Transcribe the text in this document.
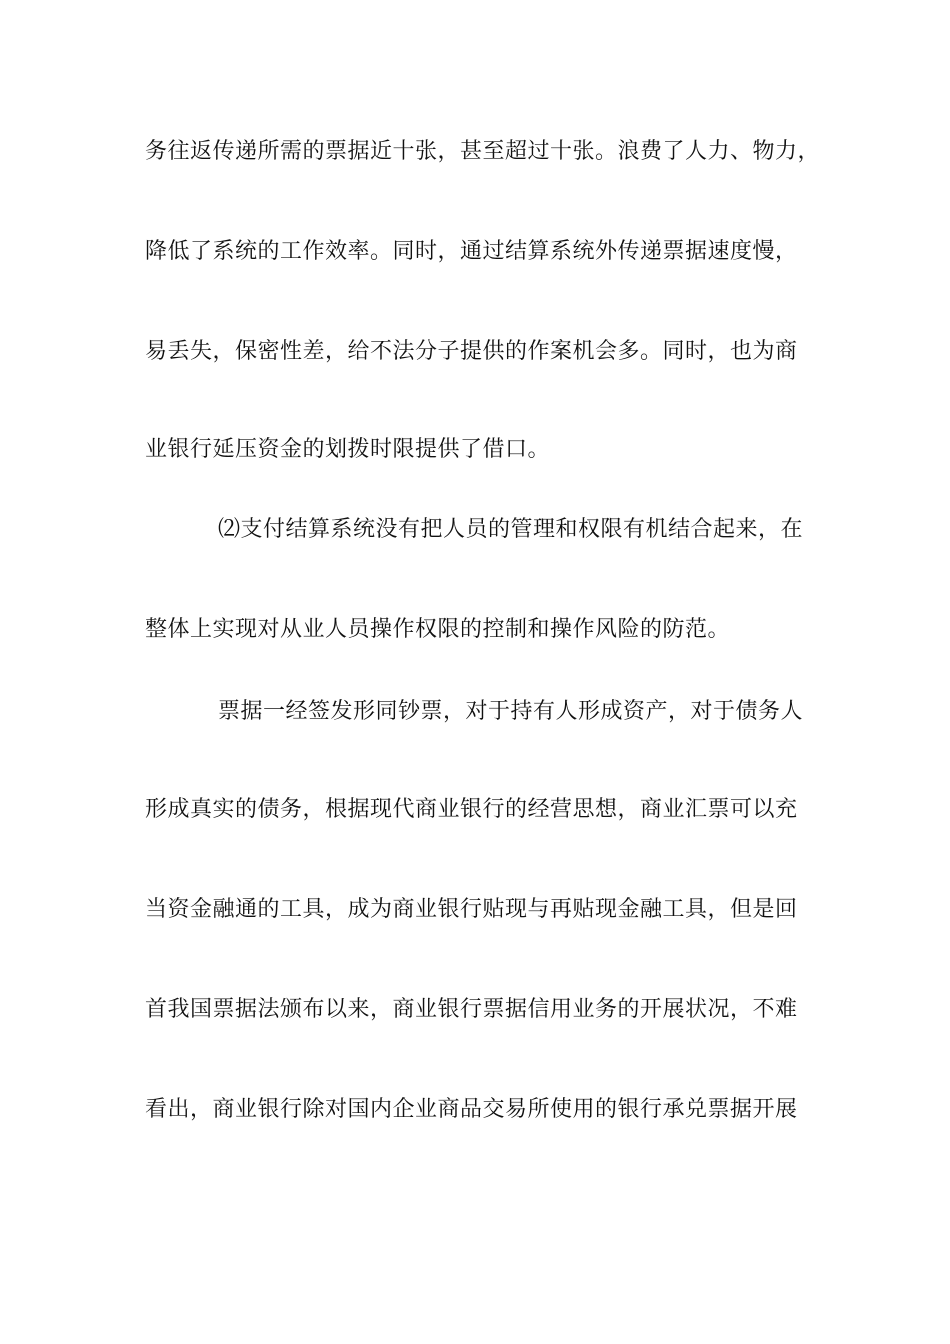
务往返传递所需的票据近十张，甚至超过十张。浪费了人力、物力，
降低了系统的工作效率。同时，通过结算系统外传递票据速度慢，
易丢失，保密性差，给不法分子提供的作案机会多。同时，也为商
业银行延压资金的划拨时限提供了借口。
⑵支付结算系统没有把人员的管理和权限有机结合起来，在
整体上实现对从业人员操作权限的控制和操作风险的防范。
票据一经签发形同钞票，对于持有人形成资产，对于债务人
形成真实的债务，根据现代商业银行的经营思想，商业汇票可以充
当资金融通的工具，成为商业银行贴现与再贴现金融工具，但是回
首我国票据法颁布以来，商业银行票据信用业务的开展状况，不难
看出，商业银行除对国内企业商品交易所使用的银行承兑票据开展
